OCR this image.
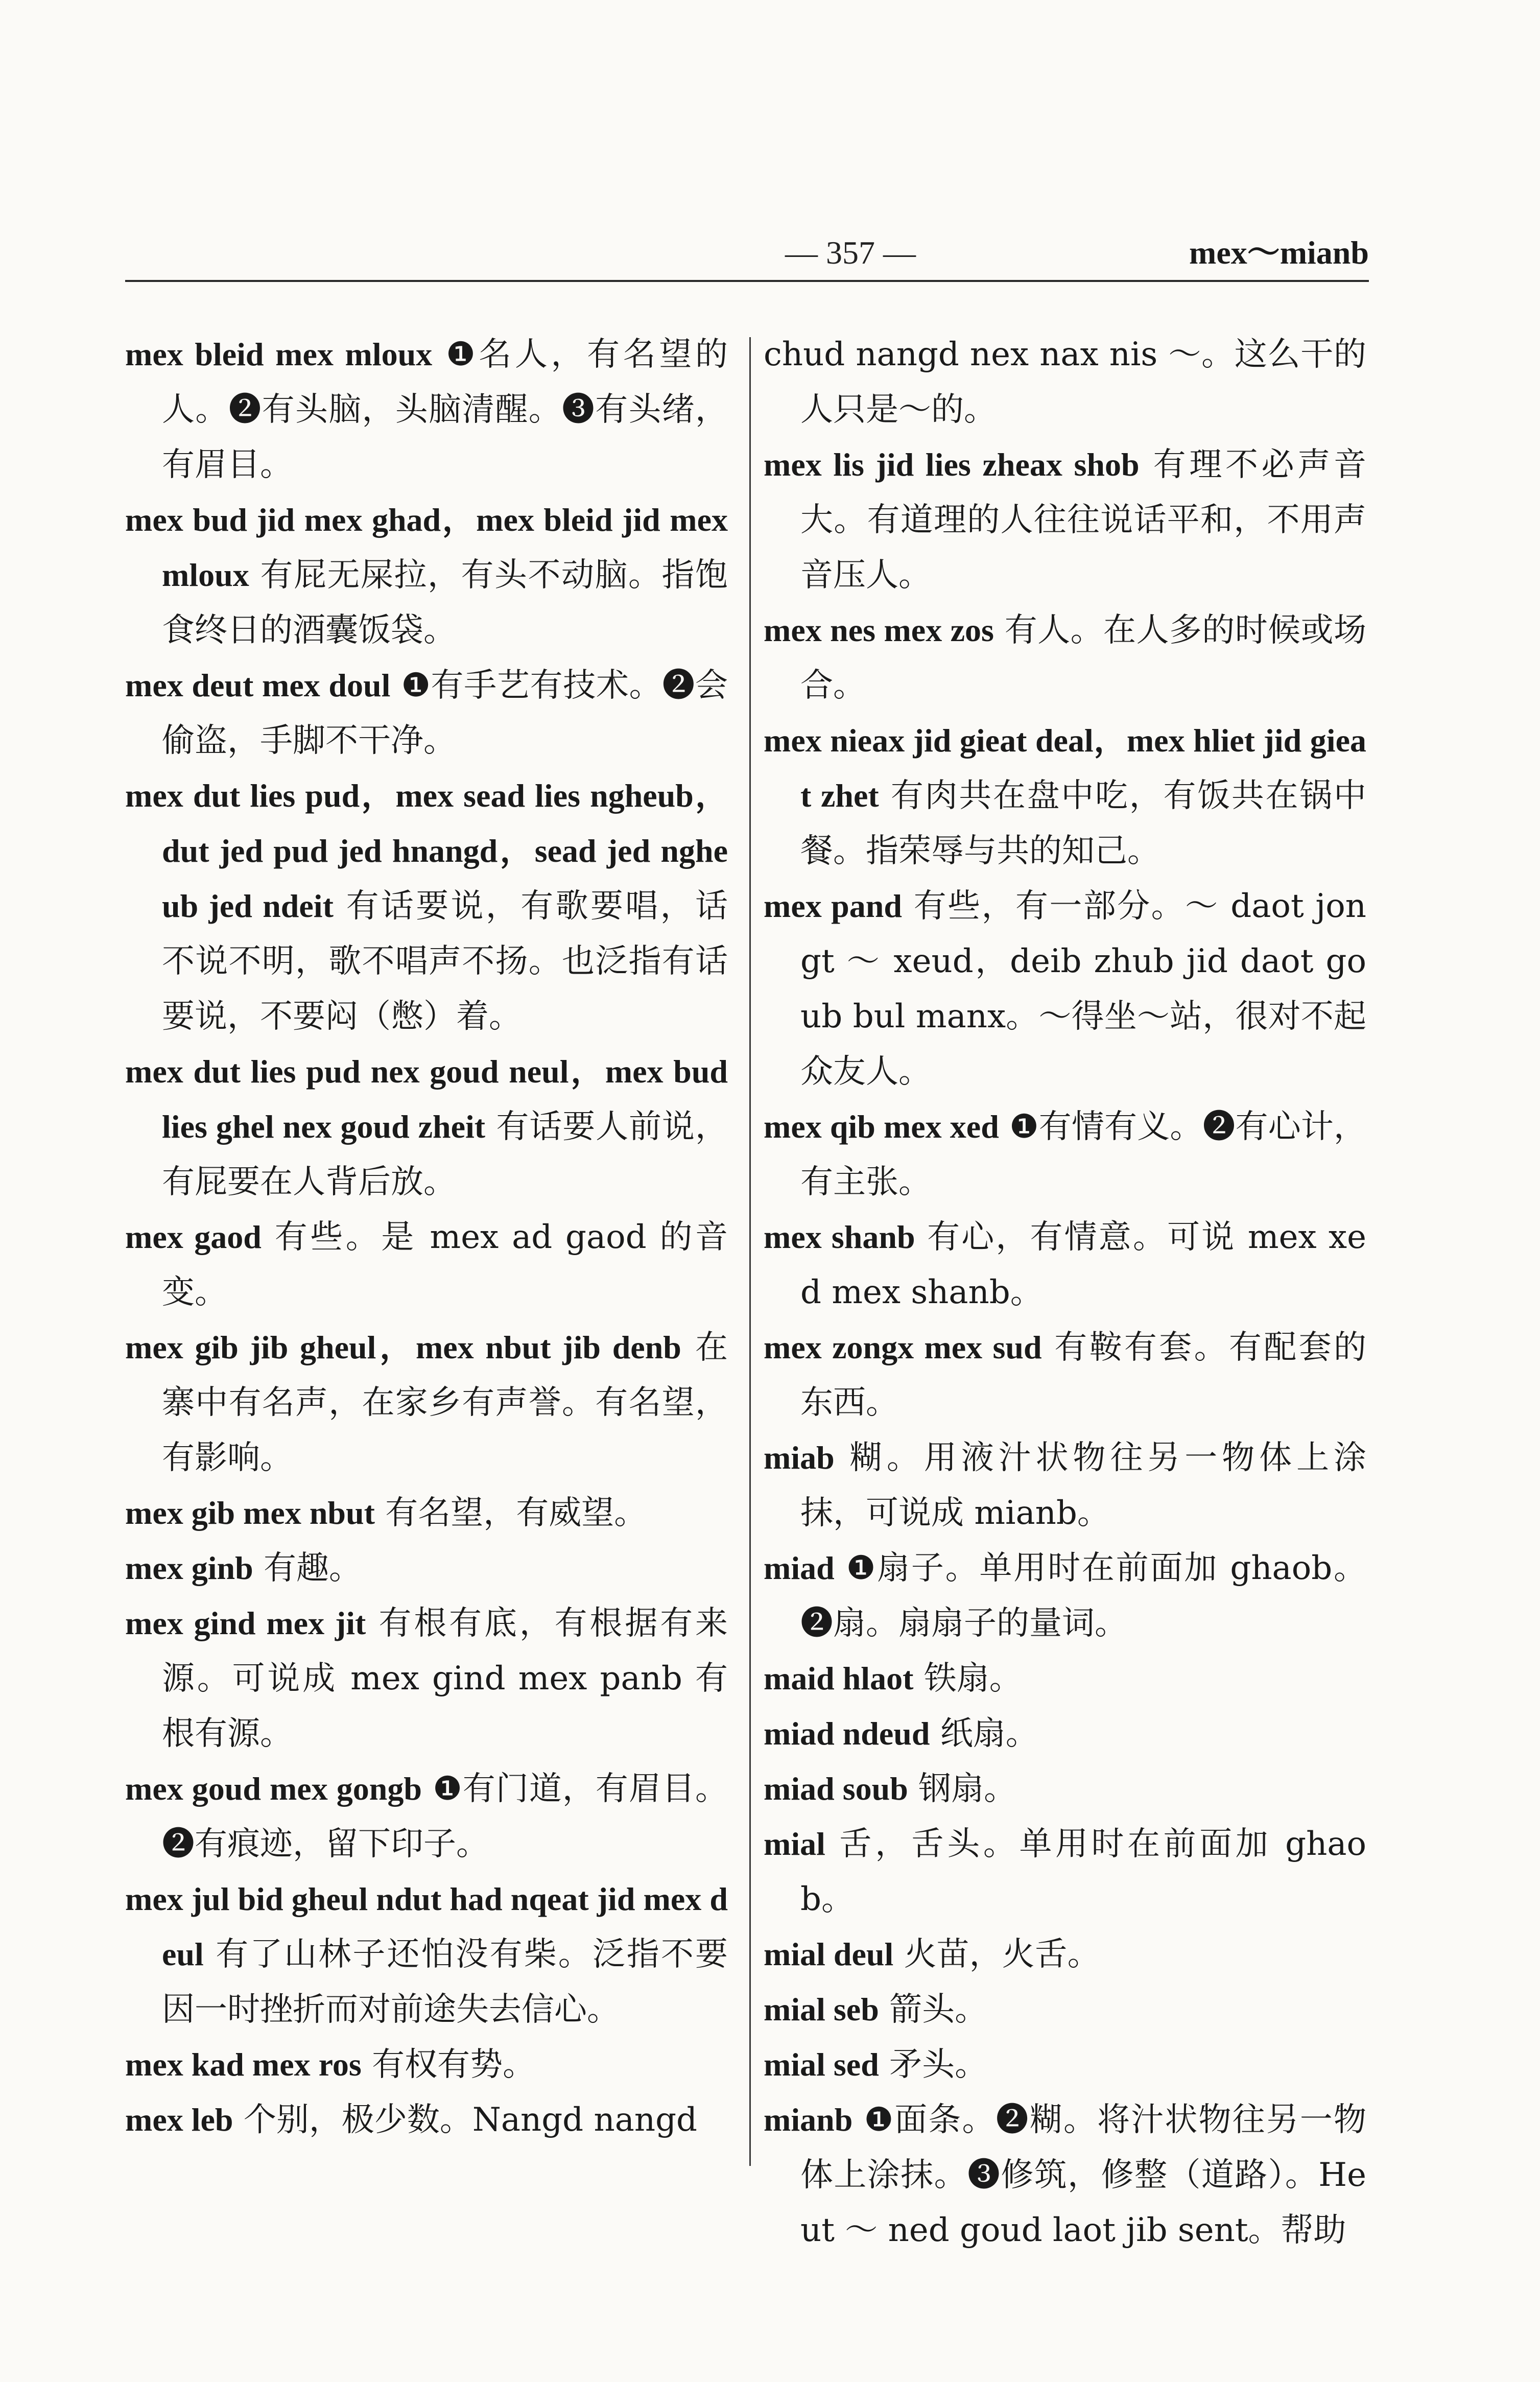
— 357 —	mex～mianb
mex bleid mex mloux ❶名人，有名望的人。❷有头脑，头脑清醒。❸有头绪，有眉目。
mex bud jid mex ghad，mex bleid jid mex mloux 有屁无屎拉，有头不动脑。指饱食终日的酒囊饭袋。
mex deut mex doul ❶有手艺有技术。❷会偷盗，手脚不干净。
mex dut lies pud，mex sead lies ngheub，dut jed pud jed hnangd，sead jed ngheub jed ndeit 有话要说，有歌要唱，话不说不明，歌不唱声不扬。也泛指有话要说，不要闷（憋）着。
mex dut lies pud nex goud neul，mex bud lies ghel nex goud zheit 有话要人前说，有屁要在人背后放。
mex gaod 有些。是 mex ad gaod 的音变。
mex gib jib gheul，mex nbut jib denb 在寨中有名声，在家乡有声誉。有名望，有影响。
mex gib mex nbut 有名望，有威望。
mex ginb 有趣。
mex gind mex jit 有根有底，有根据有来源。可说成 mex gind mex panb 有根有源。
mex goud mex gongb ❶有门道，有眉目。❷有痕迹，留下印子。
mex jul bid gheul ndut had nqeat jid mex deul 有了山林子还怕没有柴。泛指不要因一时挫折而对前途失去信心。
mex kad mex ros 有权有势。
mex leb 个别，极少数。Nangd nangd
chud nangd nex nax nis ～。这么干的人只是～的。
mex lis jid lies zheax shob 有理不必声音大。有道理的人往往说话平和，不用声音压人。
mex nes mex zos 有人。在人多的时候或场合。
mex nieax jid gieat deal，mex hliet jid gieat zhet 有肉共在盘中吃，有饭共在锅中餐。指荣辱与共的知己。
mex pand 有些，有一部分。～ daot jongt ～ xeud，deib zhub jid daot goub bul manx。～得坐～站，很对不起众友人。
mex qib mex xed ❶有情有义。❷有心计，有主张。
mex shanb 有心，有情意。可说 mex xed mex shanb。
mex zongx mex sud 有鞍有套。有配套的东西。
miab 糊。用液汁状物往另一物体上涂抹，可说成 mianb。
miad ❶扇子。单用时在前面加 ghaob。❷扇。扇扇子的量词。
maid hlaot 铁扇。
miad ndeud 纸扇。
miad soub 钢扇。
mial 舌，舌头。单用时在前面加 ghaob。
mial deul 火苗，火舌。
mial seb 箭头。
mial sed 矛头。
mianb ❶面条。❷糊。将汁状物往另一物体上涂抹。❸修筑，修整（道路）。Heut ～ ned goud laot jib sent。帮助
